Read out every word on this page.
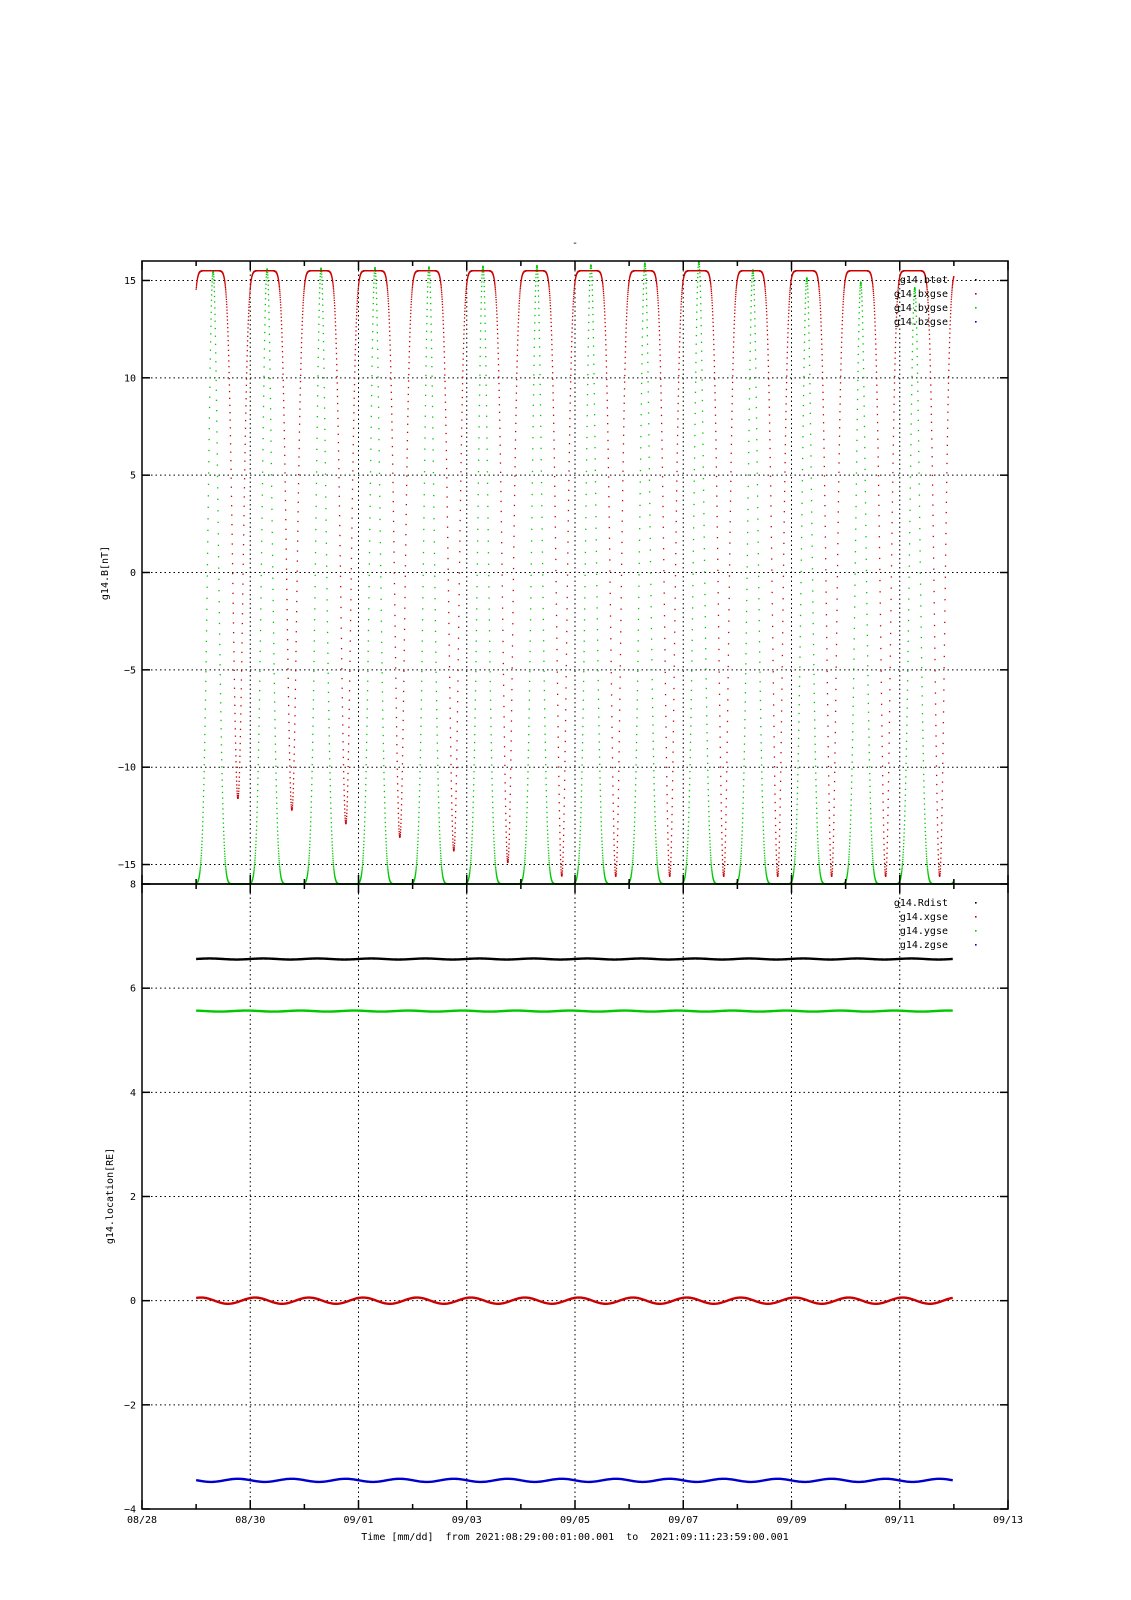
-
−15
−10
−5
0
5
10
15
g14.B[nT]
g14.btot
g14.bxgse
g14.bygse
g14.bzgse
−4
−2
0
2
4
6
8
g14.location[RE]
g14.Rdist
g14.xgse
g14.ygse
g14.zgse
08/28	08/30	09/01	09/03	09/05	09/07	09/09	09/11	09/13
Time [mm/dd]  from 2021:08:29:00:01:00.001  to  2021:09:11:23:59:00.001
